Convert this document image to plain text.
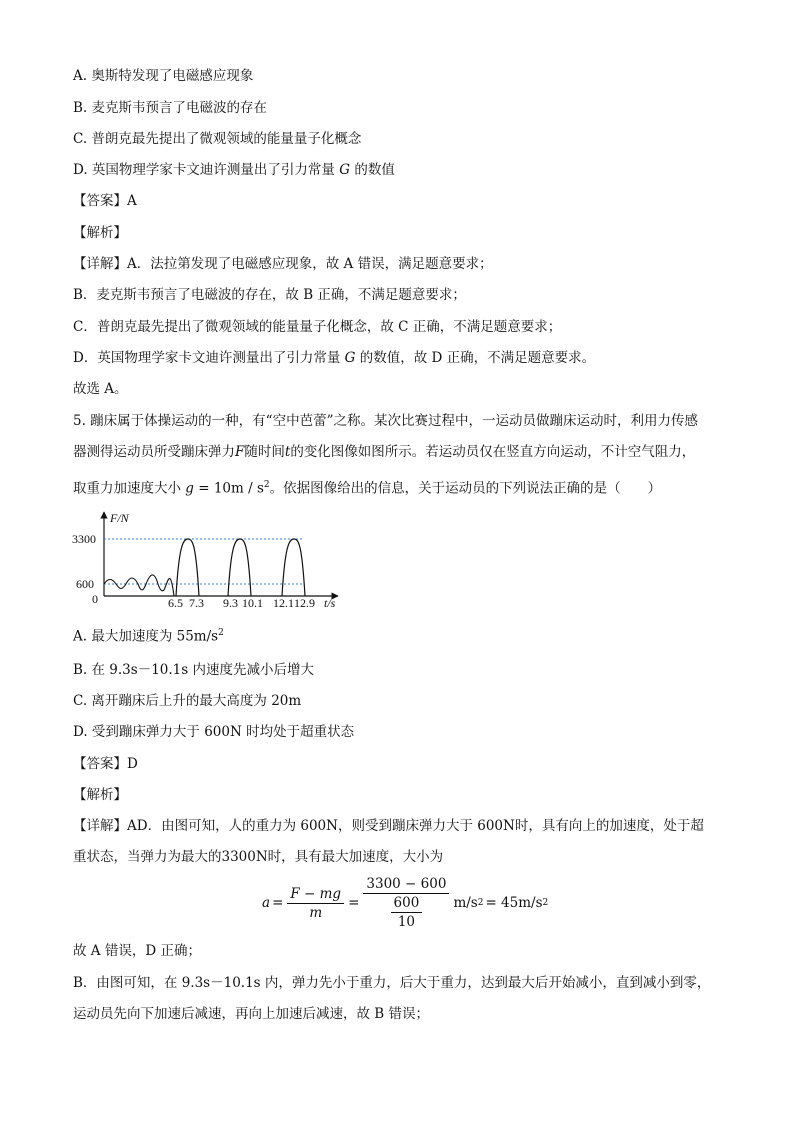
A. 奥斯特发现了电磁感应现象
B. 麦克斯韦预言了电磁波的存在
C. 普朗克最先提出了微观领域的能量量子化概念
D. 英国物理学家卡文迪许测量出了引力常量 G 的数值
【答案】A
【解析】
【详解】A．法拉第发现了电磁感应现象，故 A 错误，满足题意要求；
B．麦克斯韦预言了电磁波的存在，故 B 正确，不满足题意要求；
C．普朗克最先提出了微观领域的能量量子化概念，故 C 正确，不满足题意要求；
D．英国物理学家卡文迪许测量出了引力常量 G 的数值，故 D 正确，不满足题意要求。
故选 A。
5. 蹦床属于体操运动的一种，有“空中芭蕾”之称。某次比赛过程中，一运动员做蹦床运动时，利用力传感
器测得运动员所受蹦床弹力F随时间t的变化图像如图所示。若运动员仅在竖直方向运动，不计空气阻力，
取重力加速度大小 $g = 10m / s^2$。依据图像给出的信息，关于运动员的下列说法正确的是（　　）
F/N
t/s
0
3300
600
6.5 7.3 9.3 10.1 12.1 12.9
A. 最大加速度为 $55m/s^2$
B. 在 9.3s－10.1s 内速度先减小后增大
C. 离开蹦床后上升的最大高度为 20m
D. 受到蹦床弹力大于 600N 时均处于超重状态
【答案】D
【解析】
【详解】AD．由图可知，人的重力为 600N，则受到蹦床弹力大于 600N时，具有向上的加速度，处于超
重状态，当弹力为最大的3300N时，具有最大加速度，大小为
$a = \frac{F - mg}{m} = \frac{3300 - 600}{\frac{600}{10}} m/s$ 2 = 45m/s 2
故 A 错误，D 正确；
B．由图可知，在 9.3s－10.1s 内，弹力先小于重力，后大于重力，达到最大后开始减小，直到减小到零，
运动员先向下加速后减速，再向上加速后减速，故 B 错误；
